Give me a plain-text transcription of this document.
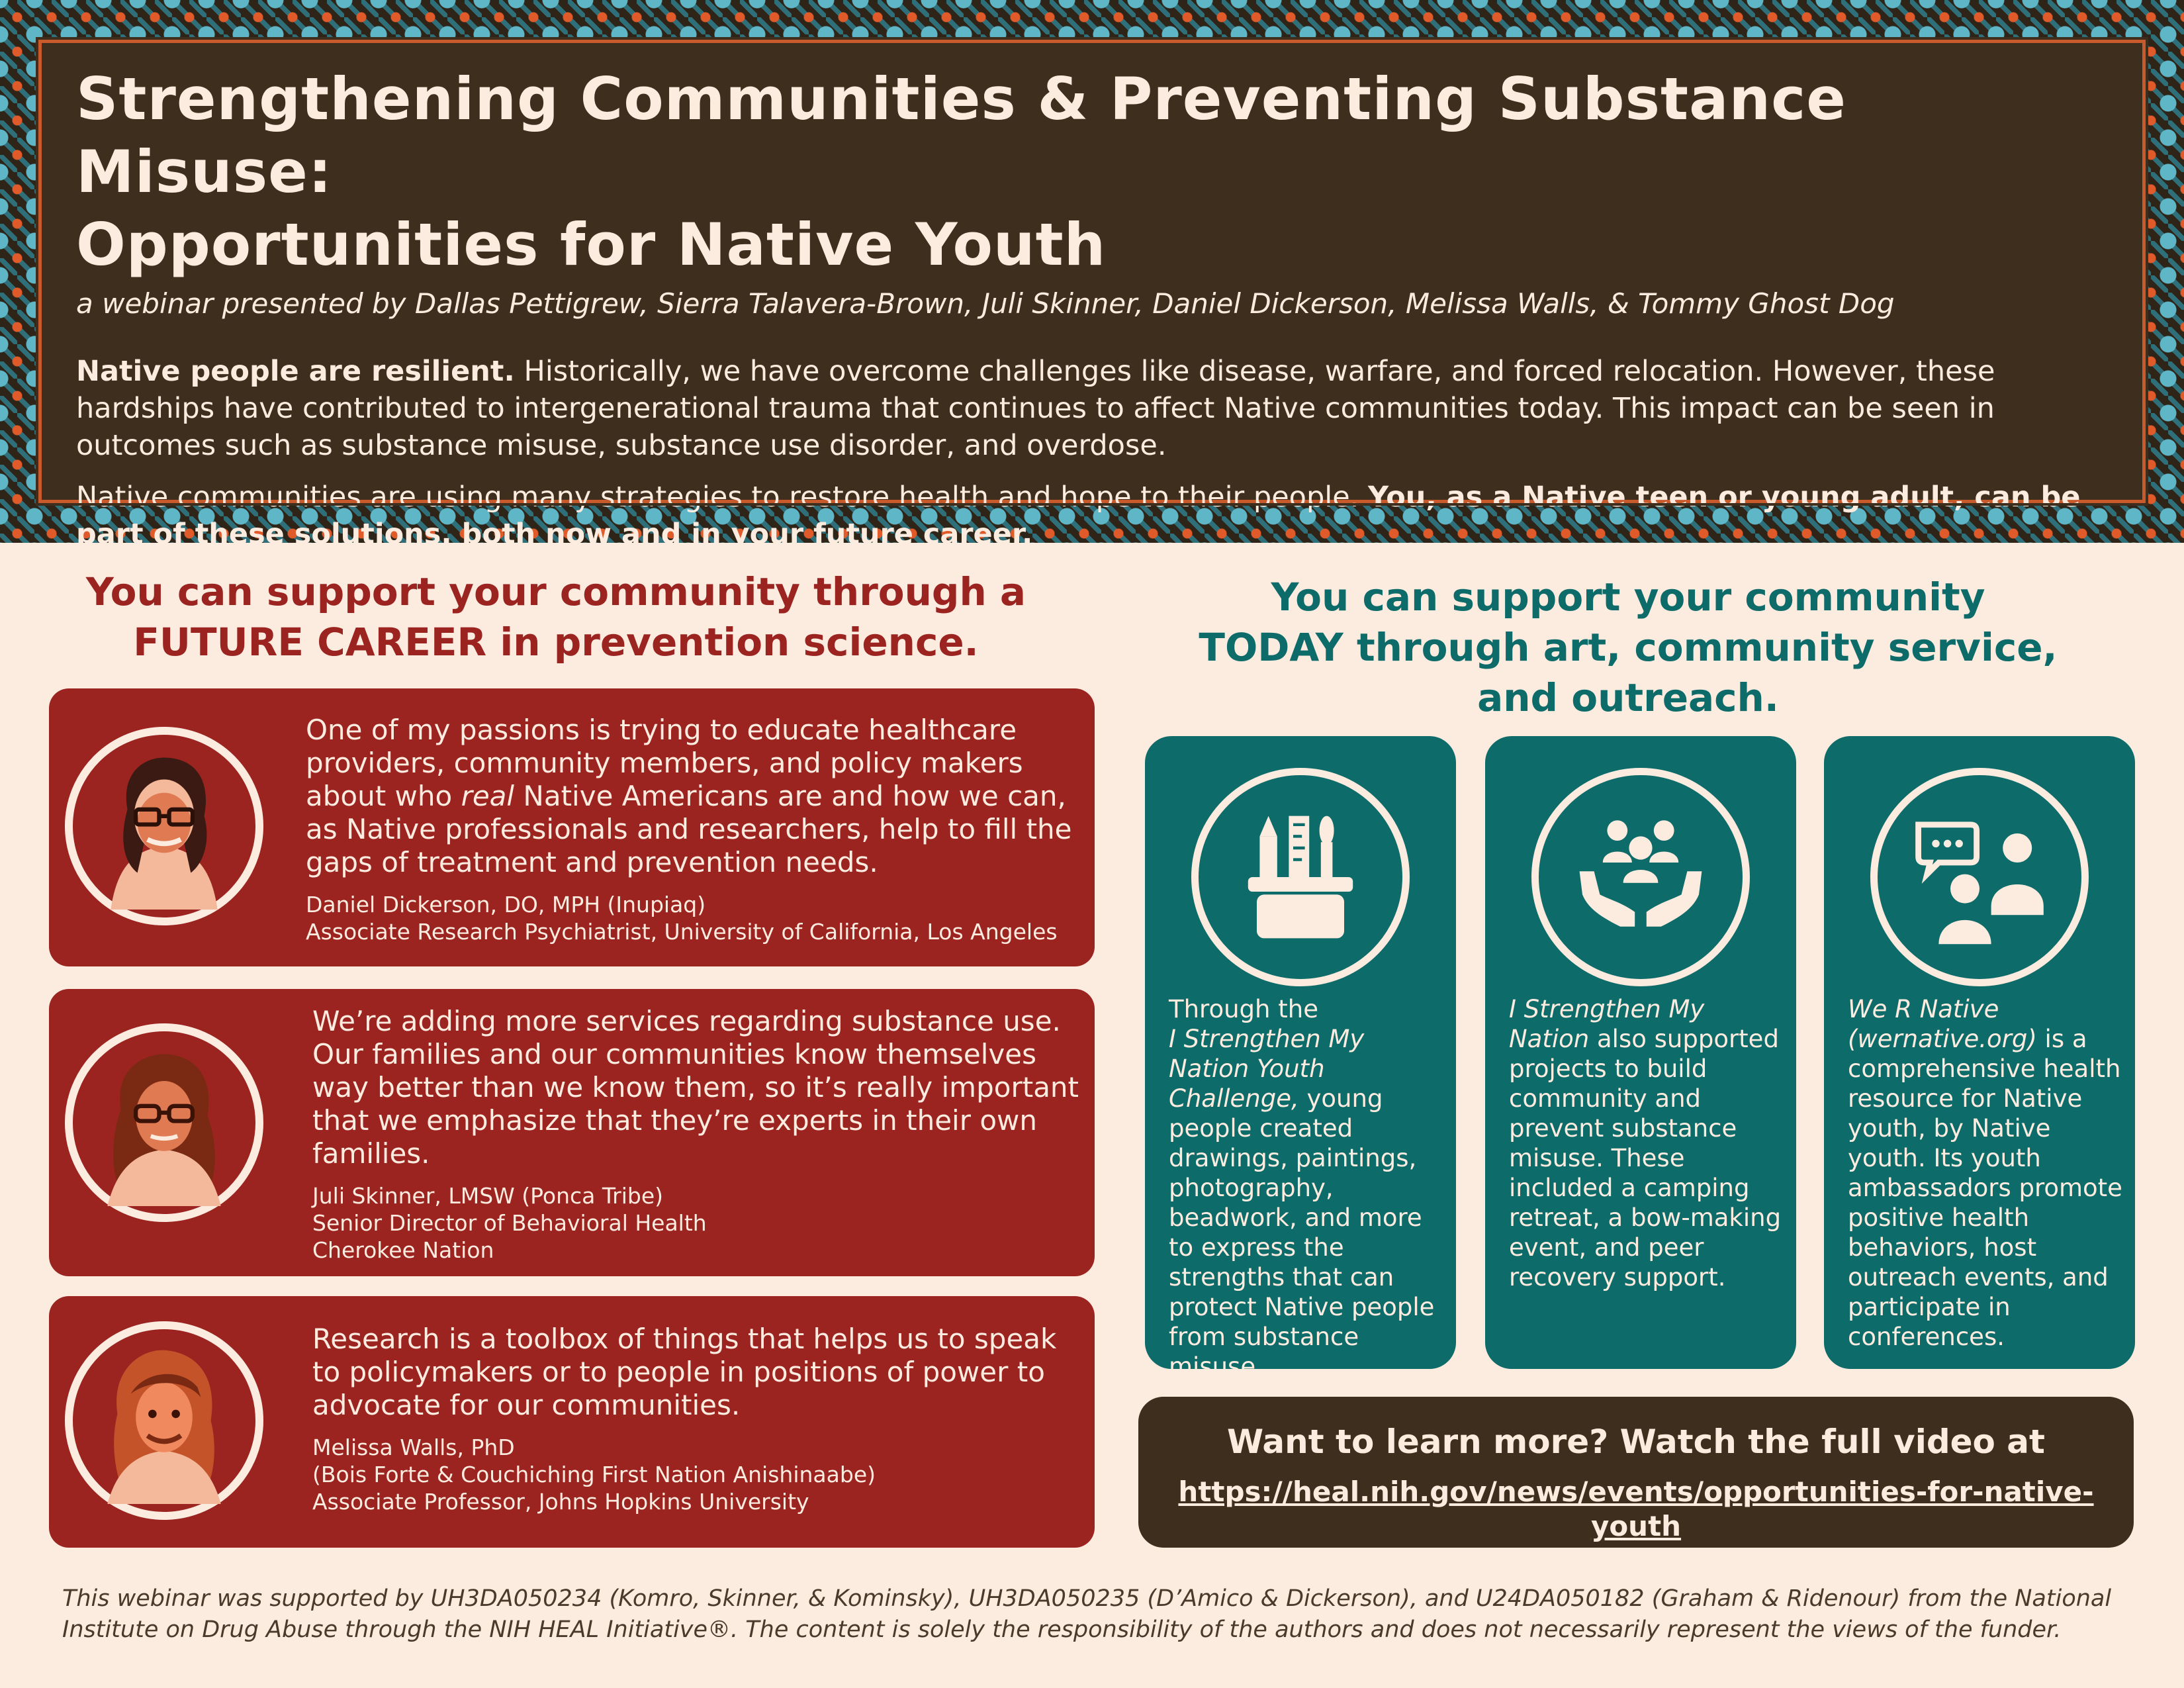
Strengthening Communities & Preventing Substance Misuse:
Opportunities for Native Youth
a webinar presented by Dallas Pettigrew, Sierra Talavera-Brown, Juli Skinner, Daniel Dickerson, Melissa Walls, & Tommy Ghost Dog

Native people are resilient. Historically, we have overcome challenges like disease, warfare, and forced relocation. However, these hardships have contributed to intergenerational trauma that continues to affect Native communities today. This impact can be seen in outcomes such as substance misuse, substance use disorder, and overdose.

Native communities are using many strategies to restore health and hope to their people. You, as a Native teen or young adult, can be part of these solutions, both now and in your future career.

You can support your community through a
FUTURE CAREER in prevention science.
One of my passions is trying to educate healthcare providers, community members, and policy makers about who real Native Americans are and how we can, as Native professionals and researchers, help to fill the gaps of treatment and prevention needs.
Daniel Dickerson, DO, MPH (Inupiaq)
Associate Research Psychiatrist, University of California, Los Angeles
We’re adding more services regarding substance use. Our families and our communities know themselves way better than we know them, so it’s really important that we emphasize that they’re experts in their own families.
Juli Skinner, LMSW (Ponca Tribe)
Senior Director of Behavioral Health
Cherokee Nation
Research is a toolbox of things that helps us to speak to policymakers or to people in positions of power to advocate for our communities.
Melissa Walls, PhD
(Bois Forte & Couchiching First Nation Anishinaabe)
Associate Professor, Johns Hopkins University
You can support your community
TODAY through art, community service,
and outreach.
Through the
I Strengthen My Nation Youth Challenge, young people created drawings, paintings, photography, beadwork, and more to express the strengths that can protect Native people from substance misuse.
I Strengthen My Nation also supported projects to build community and prevent substance misuse. These included a camping retreat, a bow-making event, and peer recovery support.
We R Native (wernative.org) is a comprehensive health resource for Native youth, by Native youth. Its youth ambassadors promote positive health behaviors, host outreach events, and participate in conferences.
Want to learn more? Watch the full video at
https://heal.nih.gov/news/events/opportunities-for-native-youth
This webinar was supported by UH3DA050234 (Komro, Skinner, & Kominsky), UH3DA050235 (D’Amico & Dickerson), and U24DA050182 (Graham & Ridenour) from the National Institute on Drug Abuse through the NIH HEAL Initiative®. The content is solely the responsibility of the authors and does not necessarily represent the views of the funder.
